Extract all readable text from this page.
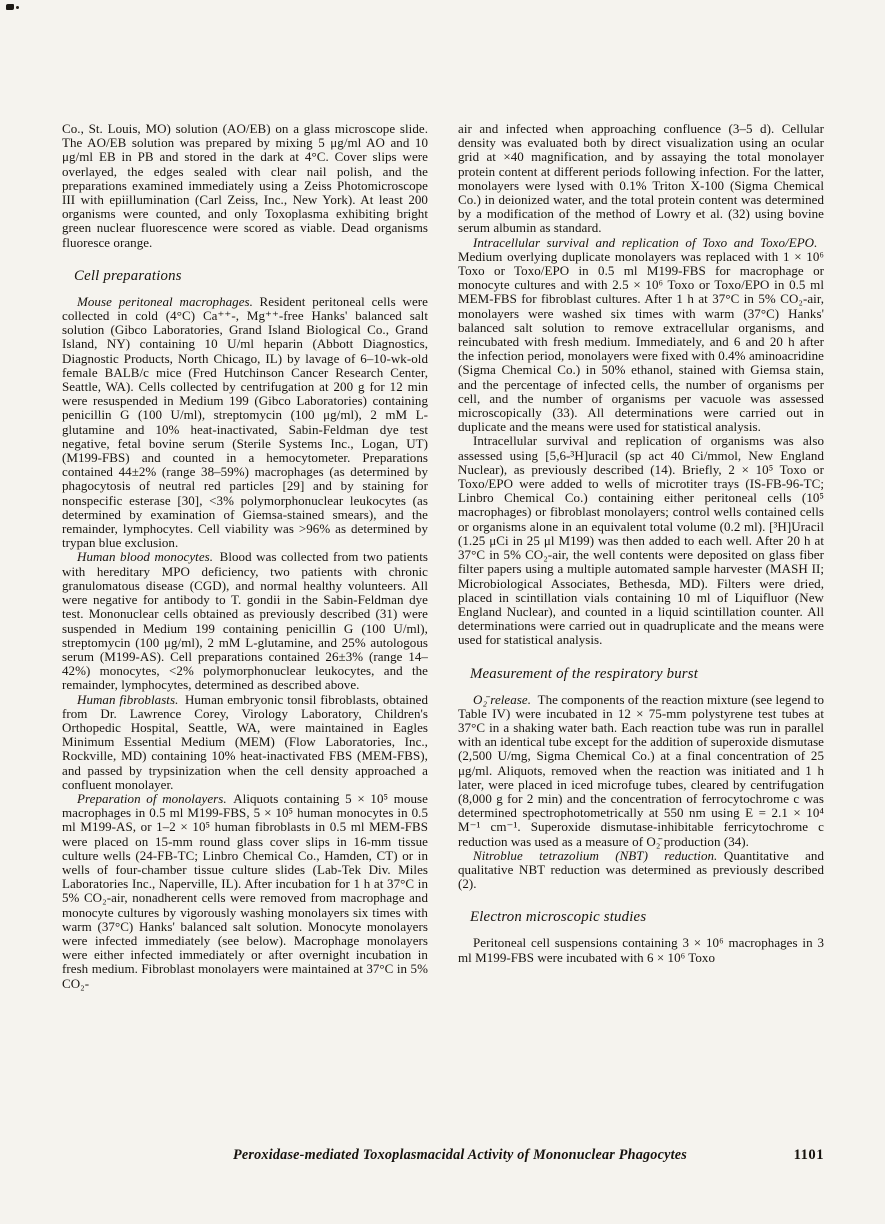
Co., St. Louis, MO) solution (AO/EB) on a glass microscope slide. The AO/EB solution was prepared by mixing 5 μg/ml AO and 10 μg/ml EB in PB and stored in the dark at 4°C. Cover slips were overlayed, the edges sealed with clear nail polish, and the preparations examined immediately using a Zeiss Photomicroscope III with epiillumination (Carl Zeiss, Inc., New York). At least 200 organisms were counted, and only Toxoplasma exhibiting bright green nuclear fluorescence were scored as viable. Dead organisms fluoresce orange.

Cell preparations

Mouse peritoneal macrophages. Resident peritoneal cells were collected in cold (4°C) Ca⁺⁺-, Mg⁺⁺-free Hanks' balanced salt solution (Gibco Laboratories, Grand Island Biological Co., Grand Island, NY) containing 10 U/ml heparin (Abbott Diagnostics, Diagnostic Products, North Chicago, IL) by lavage of 6–10-wk-old female BALB/c mice (Fred Hutchinson Cancer Research Center, Seattle, WA). Cells collected by centrifugation at 200 g for 12 min were resuspended in Medium 199 (Gibco Laboratories) containing penicillin G (100 U/ml), streptomycin (100 μg/ml), 2 mM L-glutamine and 10% heat-inactivated, Sabin-Feldman dye test negative, fetal bovine serum (Sterile Systems Inc., Logan, UT) (M199-FBS) and counted in a hemocytometer. Preparations contained 44±2% (range 38–59%) macrophages (as determined by phagocytosis of neutral red particles [29] and by staining for nonspecific esterase [30], <3% polymorphonuclear leukocytes (as determined by examination of Giemsa-stained smears), and the remainder, lymphocytes. Cell viability was >96% as determined by trypan blue exclusion.

Human blood monocytes. Blood was collected from two patients with hereditary MPO deficiency, two patients with chronic granulomatous disease (CGD), and normal healthy volunteers. All were negative for antibody to T. gondii in the Sabin-Feldman dye test. Mononuclear cells obtained as previously described (31) were suspended in Medium 199 containing penicillin G (100 U/ml), streptomycin (100 μg/ml), 2 mM L-glutamine, and 25% autologous serum (M199-AS). Cell preparations contained 26±3% (range 14–42%) monocytes, <2% polymorphonuclear leukocytes, and the remainder, lymphocytes, determined as described above.

Human fibroblasts. Human embryonic tonsil fibroblasts, obtained from Dr. Lawrence Corey, Virology Laboratory, Children's Orthopedic Hospital, Seattle, WA, were maintained in Eagles Minimum Essential Medium (MEM) (Flow Laboratories, Inc., Rockville, MD) containing 10% heat-inactivated FBS (MEM-FBS), and passed by trypsinization when the cell density approached a confluent monolayer.

Preparation of monolayers. Aliquots containing 5 × 10⁵ mouse macrophages in 0.5 ml M199-FBS, 5 × 10⁵ human monocytes in 0.5 ml M199-AS, or 1–2 × 10⁵ human fibroblasts in 0.5 ml MEM-FBS were placed on 15-mm round glass cover slips in 16-mm tissue culture wells (24-FB-TC; Linbro Chemical Co., Hamden, CT) or in wells of four-chamber tissue culture slides (Lab-Tek Div. Miles Laboratories Inc., Naperville, IL). After incubation for 1 h at 37°C in 5% CO₂-air, nonadherent cells were removed from macrophage and monocyte cultures by vigorously washing monolayers six times with warm (37°C) Hanks' balanced salt solution. Monocyte monolayers were infected immediately (see below). Macrophage monolayers were either infected immediately or after overnight incubation in fresh medium. Fibroblast monolayers were maintained at 37°C in 5% CO₂-

air and infected when approaching confluence (3–5 d). Cellular density was evaluated both by direct visualization using an ocular grid at ×40 magnification, and by assaying the total monolayer protein content at different periods following infection. For the latter, monolayers were lysed with 0.1% Triton X-100 (Sigma Chemical Co.) in deionized water, and the total protein content was determined by a modification of the method of Lowry et al. (32) using bovine serum albumin as standard.

Intracellular survival and replication of Toxo and Toxo/EPO.Medium overlying duplicate monolayers was replaced with 1 × 10⁶ Toxo or Toxo/EPO in 0.5 ml M199-FBS for macrophage or monocyte cultures and with 2.5 × 10⁶ Toxo or Toxo/EPO in 0.5 ml MEM-FBS for fibroblast cultures. After 1 h at 37°C in 5% CO₂-air, monolayers were washed six times with warm (37°C) Hanks' balanced salt solution to remove extracellular organisms, and reincubated with fresh medium. Immediately, and 6 and 20 h after the infection period, monolayers were fixed with 0.4% aminoacridine (Sigma Chemical Co.) in 50% ethanol, stained with Giemsa stain, and the percentage of infected cells, the number of organisms per cell, and the number of organisms per vacuole was assessed microscopically (33). All determinations were carried out in duplicate and the means were used for statistical analysis.

Intracellular survival and replication of organisms was also assessed using [5,6-³H]uracil (sp act 40 Ci/mmol, New England Nuclear), as previously described (14). Briefly, 2 × 10⁵ Toxo or Toxo/EPO were added to wells of microtiter trays (IS-FB-96-TC; Linbro Chemical Co.) containing either peritoneal cells (10⁵ macrophages) or fibroblast monolayers; control wells contained cells or organisms alone in an equivalent total volume (0.2 ml). [³H]Uracil (1.25 μCi in 25 μl M199) was then added to each well. After 20 h at 37°C in 5% CO₂-air, the well contents were deposited on glass fiber filter papers using a multiple automated sample harvester (MASH II; Microbiological Associates, Bethesda, MD). Filters were dried, placed in scintillation vials containing 10 ml of Liquifluor (New England Nuclear), and counted in a liquid scintillation counter. All determinations were carried out in quadruplicate and the means were used for statistical analysis.

Measurement of the respiratory burst

O₂̄ release. The components of the reaction mixture (see legend to Table IV) were incubated in 12 × 75-mm polystyrene test tubes at 37°C in a shaking water bath. Each reaction tube was run in parallel with an identical tube except for the addition of superoxide dismutase (2,500 U/mg, Sigma Chemical Co.) at a final concentration of 25 μg/ml. Aliquots, removed when the reaction was initiated and 1 h later, were placed in iced microfuge tubes, cleared by centrifugation (8,000 g for 2 min) and the concentration of ferrocytochrome c was determined spectrophotometrically at 550 nm using E = 2.1 × 10⁴ M⁻¹ cm⁻¹. Superoxide dismutase-inhibitable ferricytochrome c reduction was used as a measure of O₂̄ production (34).

Nitroblue tetrazolium (NBT) reduction. Quantitative and qualitative NBT reduction was determined as previously described (2).

Electron microscopic studies

Peritoneal cell suspensions containing 3 × 10⁶ macrophages in 3 ml M199-FBS were incubated with 6 × 10⁶ Toxo

Peroxidase-mediated Toxoplasmacidal Activity of Mononuclear Phagocytes	1101
